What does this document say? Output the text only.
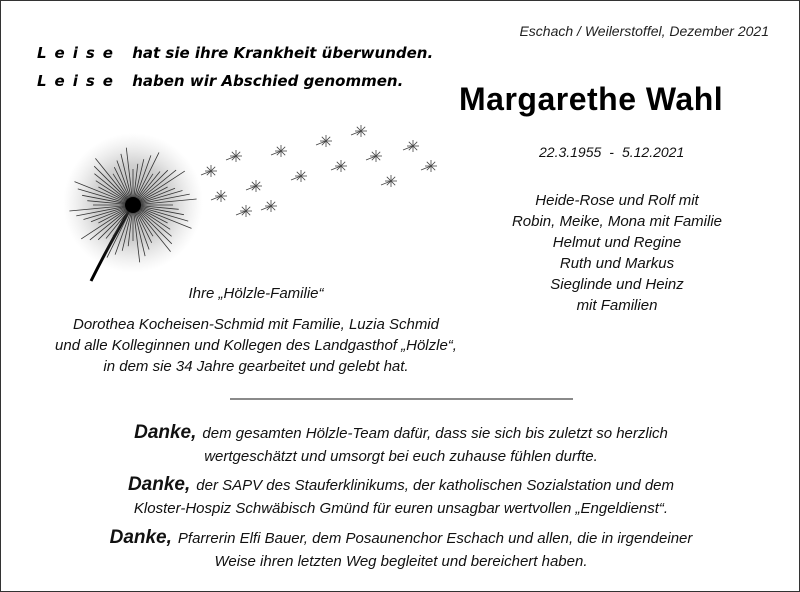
Eschach / Weilerstoffel, Dezember 2021
Leise hat sie ihre Krankheit überwunden.
Leise haben wir Abschied genommen.	Margarethe Wahl
22.3.1955 - 5.12.2021
Heide-Rose und Rolf mit
Robin, Meike, Mona mit Familie
Helmut und Regine
Ruth und Markus
Sieglinde und Heinz
mit Familien
Ihre „Hölzle-Familie“
Dorothea Kocheisen-Schmid mit Familie, Luzia Schmid
und alle Kolleginnen und Kollegen des Landgasthof „Hölzle“,
in dem sie 34 Jahre gearbeitet und gelebt hat.
Danke, dem gesamten Hölzle-Team dafür, dass sie sich bis zuletzt so herzlich
wertgeschätzt und umsorgt bei euch zuhause fühlen durfte.
Danke, der SAPV des Stauferklinikums, der katholischen Sozialstation und dem
Kloster-Hospiz Schwäbisch Gmünd für euren unsagbar wertvollen „Engeldienst“.
Danke, Pfarrerin Elfi Bauer, dem Posaunenchor Eschach und allen, die in irgendeiner
Weise ihren letzten Weg begleitet und bereichert haben.
